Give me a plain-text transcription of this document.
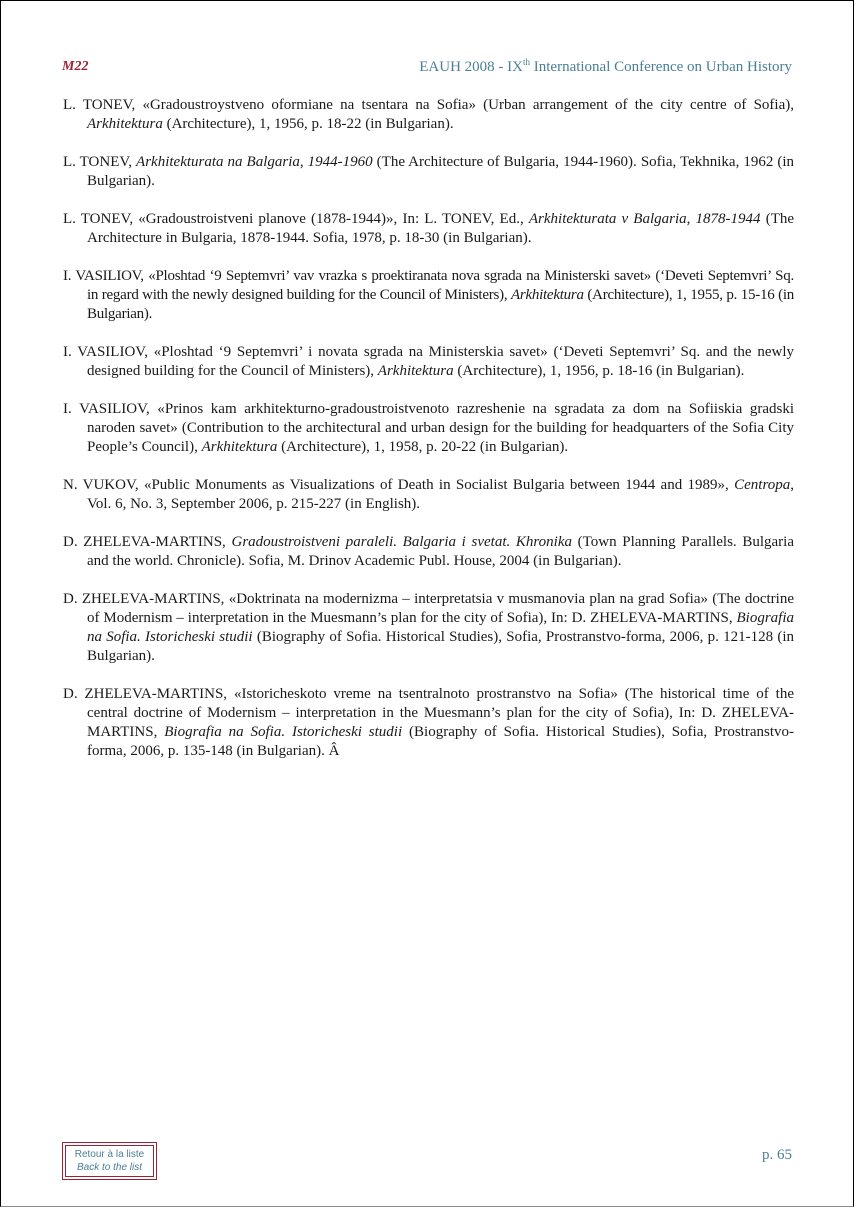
M22	EAUH 2008 - IXth International Conference on Urban History
L. TONEV, «Gradoustroystveno oformiane na tsentara na Sofia» (Urban arrangement of the city centre of Sofia), Arkhitektura (Architecture), 1, 1956, p. 18-22 (in Bulgarian).
L. TONEV, Arkhitekturata na Balgaria, 1944-1960 (The Architecture of Bulgaria, 1944-1960). Sofia, Tekhnika, 1962 (in Bulgarian).
L. TONEV, «Gradoustroistveni planove (1878-1944)», In: L. TONEV, Ed., Arkhitekturata v Balgaria, 1878-1944 (The Architecture in Bulgaria, 1878-1944. Sofia, 1978, p. 18-30 (in Bulgarian).
I. VASILIOV, «Ploshtad ‘9 Septemvri’ vav vrazka s proektiranata nova sgrada na Ministerski savet» (‘Deveti Septemvri’ Sq. in regard with the newly designed building for the Council of Ministers), Arkhitektura (Architecture), 1, 1955, p. 15-16 (in Bulgarian).
I. VASILIOV, «Ploshtad ‘9 Septemvri’ i novata sgrada na Ministerskia savet» (‘Deveti Septemvri’ Sq. and the newly designed building for the Council of Ministers), Arkhitektura (Architecture), 1, 1956, p. 18-16 (in Bulgarian).
I. VASILIOV, «Prinos kam arkhitekturno-gradoustroistvenoto razreshenie na sgradata za dom na Sofiiskia gradski naroden savet» (Contribution to the architectural and urban design for the building for headquarters of the Sofia City People’s Council), Arkhitektura (Architecture), 1, 1958, p. 20-22 (in Bulgarian).
N. VUKOV, «Public Monuments as Visualizations of Death in Socialist Bulgaria between 1944 and 1989», Centropa, Vol. 6, No. 3, September 2006, p. 215-227 (in English).
D. ZHELEVA-MARTINS, Gradoustroistveni paraleli. Balgaria i svetat. Khronika (Town Planning Parallels. Bulgaria and the world. Chronicle). Sofia, M. Drinov Academic Publ. House, 2004 (in Bulgarian).
D. ZHELEVA-MARTINS, «Doktrinata na modernizma – interpretatsia v musmanovia plan na grad Sofia» (The doctrine of Modernism – interpretation in the Muesmann’s plan for the city of Sofia), In: D. ZHELEVA-MARTINS, Biografia na Sofia. Istoricheski studii (Biography of Sofia. Historical Studies), Sofia, Prostranstvo-forma, 2006, p. 121-128 (in Bulgarian).
D. ZHELEVA-MARTINS, «Istoricheskoto vreme na tsentralnoto prostranstvo na Sofia» (The historical time of the central doctrine of Modernism – interpretation in the Muesmann’s plan for the city of Sofia), In: D. ZHELEVA-MARTINS, Biografia na Sofia. Istoricheski studii (Biography of Sofia. Historical Studies), Sofia, Prostranstvo-forma, 2006, p. 135-148 (in Bulgarian). Â
Retour à la liste
Back to the list
p. 65
